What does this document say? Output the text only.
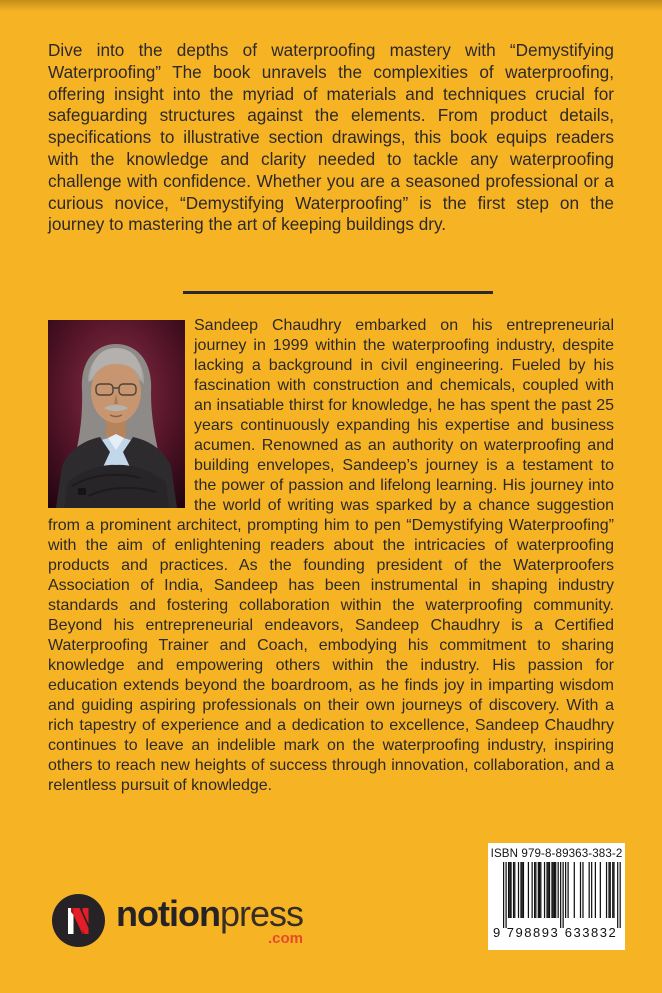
Dive into the depths of waterproofing mastery with “Demystifying Waterproofing” The book unravels the complexities of waterproofing, offering insight into the myriad of materials and techniques crucial for safeguarding structures against the elements. From product details, specifications to illustrative section drawings, this book equips readers with the knowledge and clarity needed to tackle any waterproofing challenge with confidence. Whether you are a seasoned professional or a curious novice, “Demystifying Waterproofing” is the first step on the journey to mastering the art of keeping buildings dry.

Sandeep Chaudhry embarked on his entrepreneurial journey in 1999 within the waterproofing industry, despite lacking a background in civil engineering. Fueled by his fascination with construction and chemicals, coupled with an insatiable thirst for knowledge, he has spent the past 25 years continuously expanding his expertise and business acumen. Renowned as an authority on waterproofing and building envelopes, Sandeep’s journey is a testament to the power of passion and lifelong learning. His journey into the world of writing was sparked by a chance suggestion from a prominent architect, prompting him to pen “Demystifying Waterproofing” with the aim of enlightening readers about the intricacies of waterproofing products and practices. As the founding president of the Waterproofers Association of India, Sandeep has been instrumental in shaping industry standards and fostering collaboration within the waterproofing community. Beyond his entrepreneurial endeavors, Sandeep Chaudhry is a Certified Waterproofing Trainer and Coach, embodying his commitment to sharing knowledge and empowering others within the industry. His passion for education extends beyond the boardroom, as he finds joy in imparting wisdom and guiding aspiring professionals on their own journeys of discovery. With a rich tapestry of experience and a dedication to excellence, Sandeep Chaudhry continues to leave an indelible mark on the waterproofing industry, inspiring others to reach new heights of success through innovation, collaboration, and a relentless pursuit of knowledge.
notionpress
.com
ISBN 979-8-89363-383-2
9 798893 633832
